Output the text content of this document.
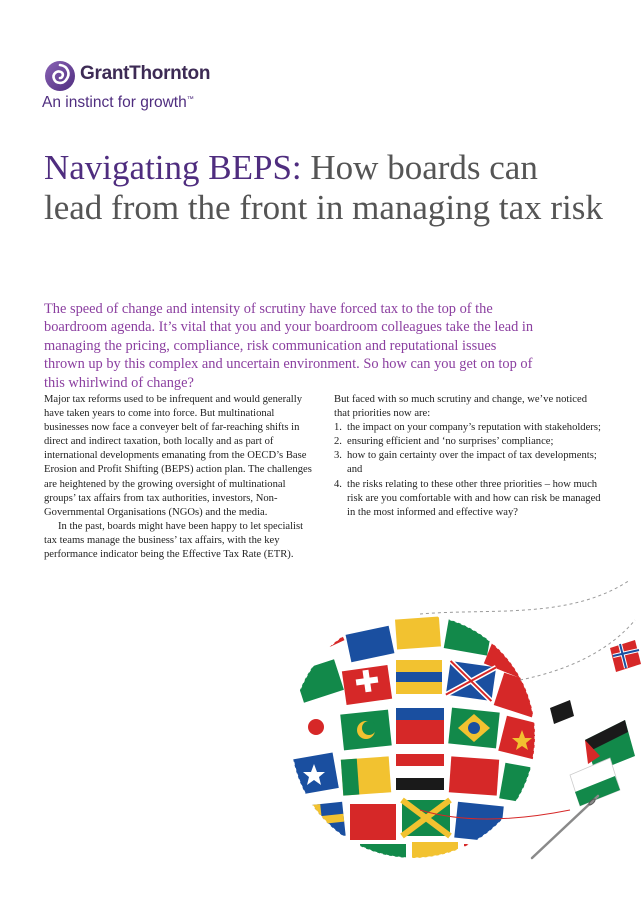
GrantThornton
An instinct for growth™
Navigating BEPS: How boards can lead from the front in managing tax risk

The speed of change and intensity of scrutiny have forced tax to the top of the boardroom agenda. It’s vital that you and your boardroom colleagues take the lead in managing the pricing, compliance, risk communication and reputational issues thrown up by this complex and uncertain environment. So how can you get on top of this whirlwind of change?

Major tax reforms used to be infrequent and would generally have taken years to come into force. But multinational businesses now face a conveyer belt of far-reaching shifts in direct and indirect taxation, both locally and as part of international developments emanating from the OECD’s Base Erosion and Profit Shifting (BEPS) action plan. The challenges are heightened by the growing oversight of multinational groups’ tax affairs from tax authorities, investors, Non-Governmental Organisations (NGOs) and the media.

In the past, boards might have been happy to let specialist tax teams manage the business’ tax affairs, with the key performance indicator being the Effective Tax Rate (ETR).

But faced with so much scrutiny and change, we’ve noticed that priorities now are:

1. the impact on your company’s reputation with stakeholders;
2. ensuring efficient and ‘no surprises’ compliance;
3. how to gain certainty over the impact of tax developments; and
4. the risks relating to these other three priorities – how much risk are you comfortable with and how can risk be managed in the most informed and effective way?
